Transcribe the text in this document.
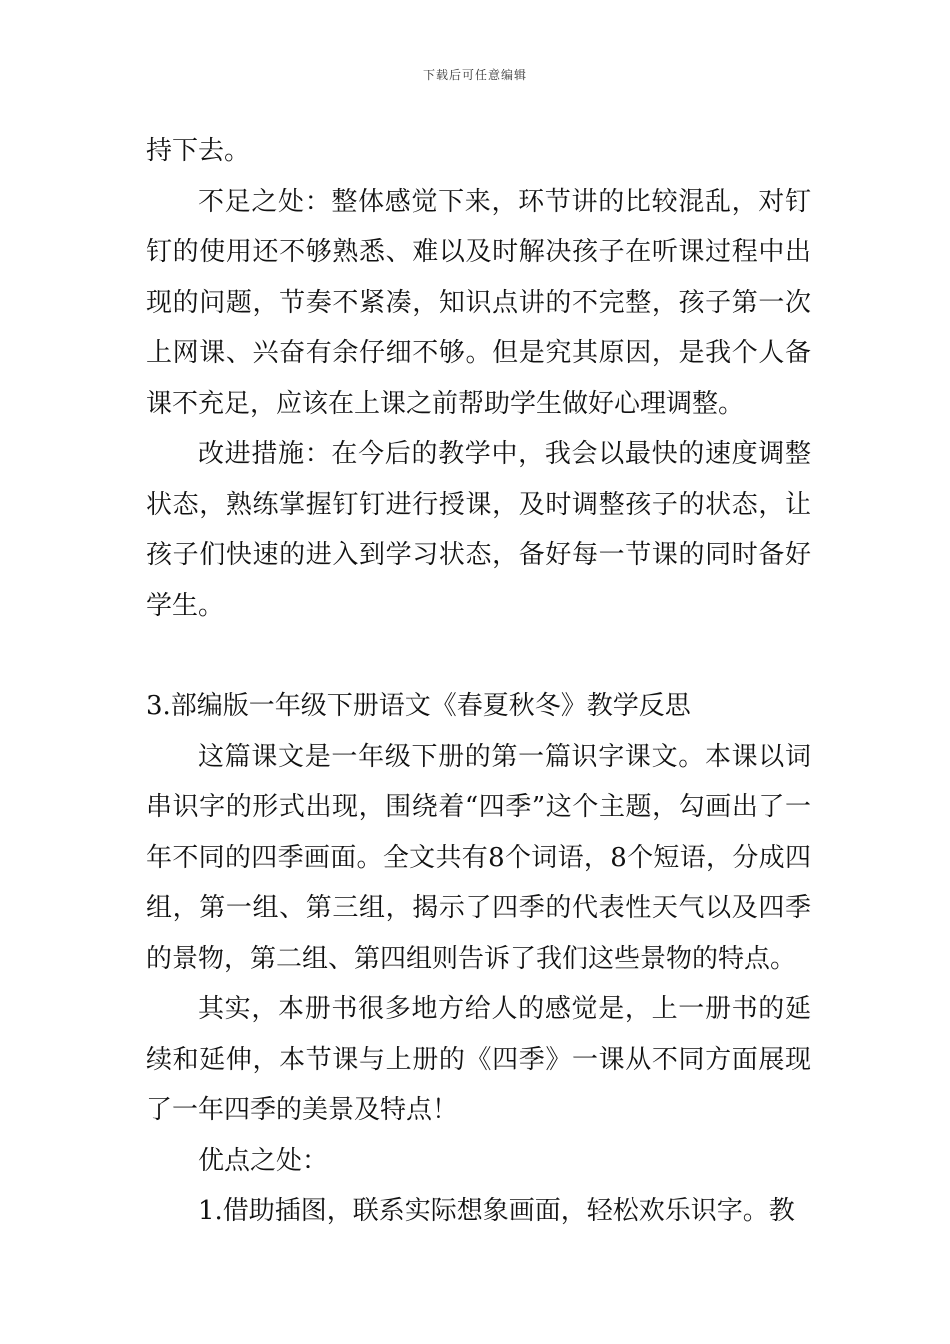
下载后可任意编辑

持下去。

不足之处：整体感觉下来，环节讲的比较混乱，对钉钉的使用还不够熟悉、难以及时解决孩子在听课过程中出现的问题，节奏不紧凑，知识点讲的不完整，孩子第一次上网课、兴奋有余仔细不够。但是究其原因，是我个人备课不充足，应该在上课之前帮助学生做好心理调整。

改进措施：在今后的教学中，我会以最快的速度调整状态，熟练掌握钉钉进行授课，及时调整孩子的状态，让孩子们快速的进入到学习状态，备好每一节课的同时备好学生。

3.部编版一年级下册语文《春夏秋冬》教学反思

这篇课文是一年级下册的第一篇识字课文。本课以词串识字的形式出现，围绕着“四季”这个主题，勾画出了一年不同的四季画面。全文共有8个词语，8个短语，分成四组，第一组、第三组，揭示了四季的代表性天气以及四季的景物，第二组、第四组则告诉了我们这些景物的特点。

其实，本册书很多地方给人的感觉是，上一册书的延续和延伸，本节课与上册的《四季》一课从不同方面展现了一年四季的美景及特点！

优点之处：

1.借助插图，联系实际想象画面，轻松欢乐识字。教
